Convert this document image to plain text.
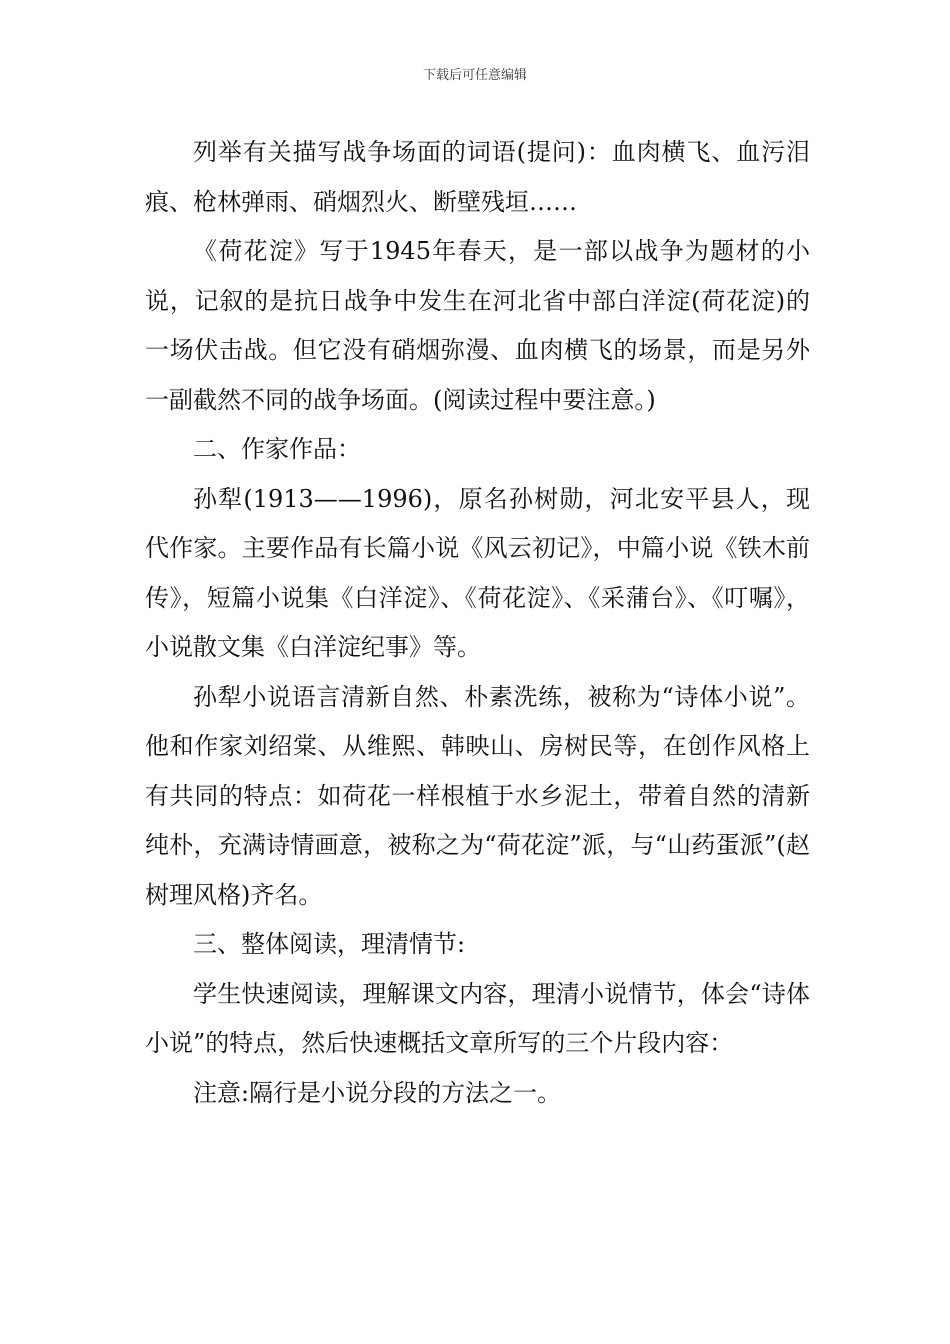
下载后可任意编辑

列举有关描写战争场面的词语(提问)：血肉横飞、血污泪痕、枪林弹雨、硝烟烈火、断壁残垣……

《荷花淀》写于1945年春天，是一部以战争为题材的小说，记叙的是抗日战争中发生在河北省中部白洋淀(荷花淀)的一场伏击战。但它没有硝烟弥漫、血肉横飞的场景，而是另外一副截然不同的战争场面。(阅读过程中要注意。)

二、作家作品：

孙犁(1913——1996)，原名孙树勋，河北安平县人，现代作家。主要作品有长篇小说《风云初记》，中篇小说《铁木前传》，短篇小说集《白洋淀》、《荷花淀》、《采蒲台》、《叮嘱》，小说散文集《白洋淀纪事》等。

孙犁小说语言清新自然、朴素洗练，被称为“诗体小说”。他和作家刘绍棠、从维熙、韩映山、房树民等，在创作风格上有共同的特点：如荷花一样根植于水乡泥土，带着自然的清新纯朴，充满诗情画意，被称之为“荷花淀”派，与“山药蛋派”(赵树理风格)齐名。

三、整体阅读，理清情节:

学生快速阅读，理解课文内容，理清小说情节，体会“诗体小说”的特点，然后快速概括文章所写的三个片段内容：

注意:隔行是小说分段的方法之一。
